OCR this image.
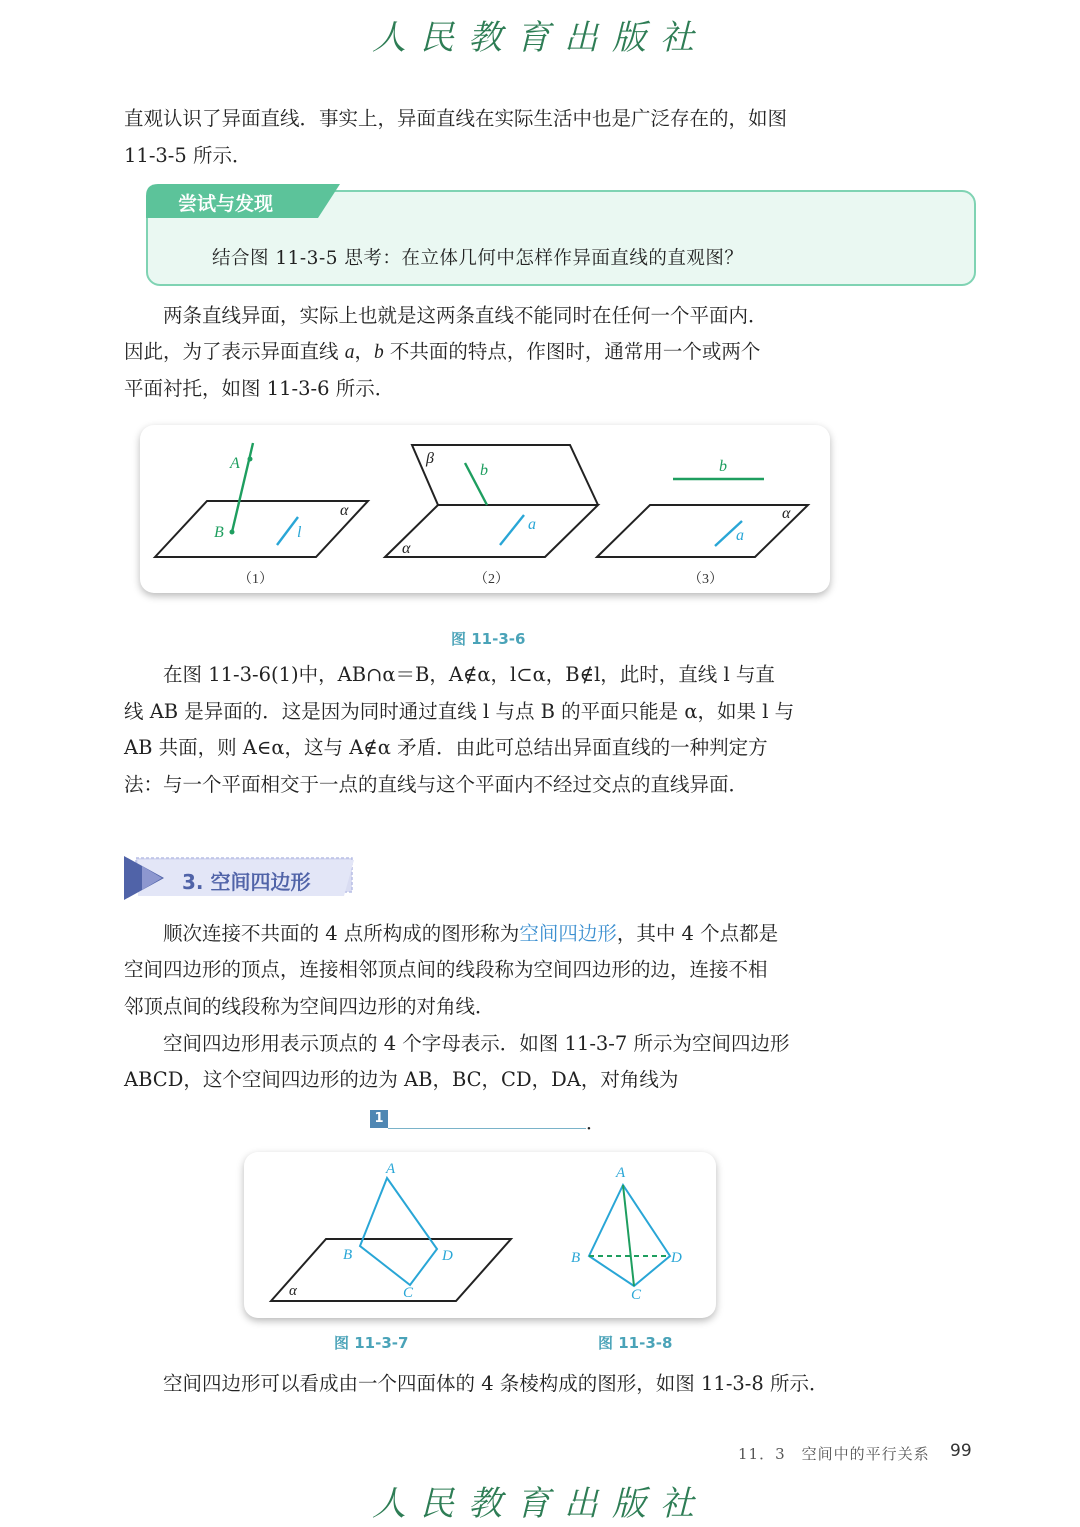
人民教育出版社
直观认识了异面直线．事实上，异面直线在实际生活中也是广泛存在的，如图
11-3-5 所示．
尝试与发现
结合图 11-3-5 思考：在立体几何中怎样作异面直线的直观图？
两条直线异面，实际上也就是这两条直线不能同时在任何一个平面内．
因此，为了表示异面直线 a，b 不共面的特点，作图时，通常用一个或两个
平面衬托，如图 11-3-6 所示．
A
B	l
α
（1）
β
b
a
α
（2）
b
a
α
（3）
图 11-3-6
在图 11-3-6(1)中，AB∩α＝B，A∉α，l⊂α，B∉l，此时，直线 l 与直
线 AB 是异面的．这是因为同时通过直线 l 与点 B 的平面只能是 α，如果 l 与
AB 共面，则 A∈α，这与 A∉α 矛盾．由此可总结出异面直线的一种判定方
法：与一个平面相交于一点的直线与这个平面内不经过交点的直线异面．
3. 空间四边形
顺次连接不共面的 4 点所构成的图形称为空间四边形，其中 4 个点都是
空间四边形的顶点，连接相邻顶点间的线段称为空间四边形的边，连接不相
邻顶点间的线段称为空间四边形的对角线．
空间四边形用表示顶点的 4 个字母表示．如图 11-3-7 所示为空间四边形
ABCD，这个空间四边形的边为 AB，BC，CD，DA，对角线为
1	．
A
B
C
D
α
A
B
C
D
图 11-3-7	图 11-3-8
空间四边形可以看成由一个四面体的 4 条棱构成的图形，如图 11-3-8 所示．
11．3　空间中的平行关系 99
人民教育出版社
